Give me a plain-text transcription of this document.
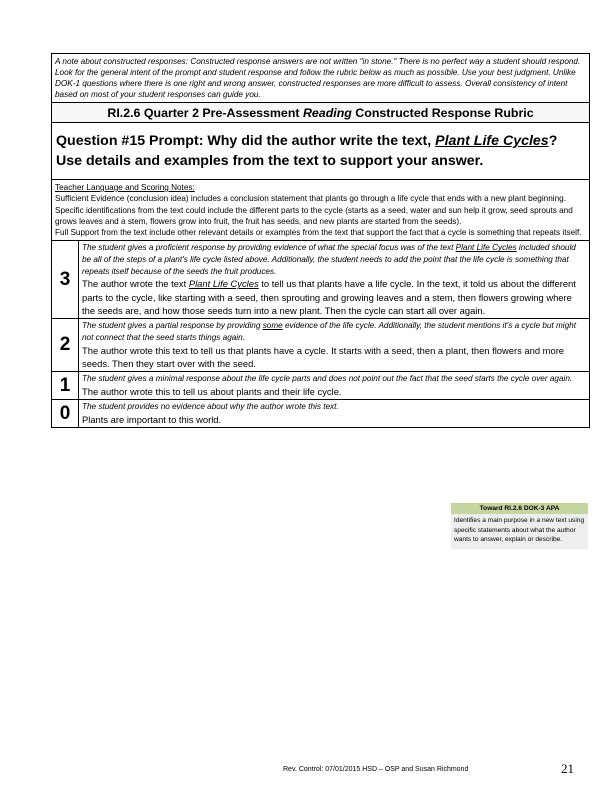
A note about constructed responses: Constructed response answers are not written "in stone." There is no perfect way a student should respond. Look for the general intent of the prompt and student response and follow the rubric below as much as possible. Use your best judgment. Unlike DOK-1 questions where there is one right and wrong answer, constructed responses are more difficult to assess. Overall consistency of intent based on most of your student responses can guide you.
RI.2.6 Quarter 2 Pre-Assessment Reading Constructed Response Rubric
Question #15 Prompt: Why did the author write the text, Plant Life Cycles? Use details and examples from the text to support your answer.
Teacher Language and Scoring Notes:
Sufficient Evidence (conclusion idea) includes a conclusion statement that plants go through a life cycle that ends with a new plant beginning.
Specific identifications from the text could include the different parts to the cycle (starts as a seed, water and sun help it grow, seed sprouts and grows leaves and a stem, flowers grow into fruit, the fruit has seeds, and new plants are started from the seeds).
Full Support from the text include other relevant details or examples from the text that support the fact that a cycle is something that repeats itself.
3
The student gives a proficient response by providing evidence of what the special focus was of the text Plant Life Cycles included should be all of the steps of a plant's life cycle listed above. Additionally, the student needs to add the point that the life cycle is something that repeats itself because of the seeds the fruit produces.
The author wrote the text Plant Life Cycles to tell us that plants have a life cycle. In the text, it told us about the different parts to the cycle, like starting with a seed, then sprouting and growing leaves and a stem, then flowers growing where the seeds are, and how those seeds turn into a new plant. Then the cycle can start all over again.
2
The student gives a partial response by providing some evidence of the life cycle. Additionally, the student mentions it's a cycle but might not connect that the seed starts things again.
The author wrote this text to tell us that plants have a cycle. It starts with a seed, then a plant, then flowers and more seeds. Then they start over with the seed.
1	The student gives a minimal response about the life cycle parts and does not point out the fact that the seed starts the cycle over again.
The author wrote this to tell us about plants and their life cycle.
0	The student provides no evidence about why the author wrote this text.
Plants are important to this world.
Toward RI.2.6 DOK-3 APA
Identifies a main purpose in a new text using specific statements about what the author wants to answer, explain or describe.
Rev. Control: 07/01/2015 HSD – OSP and Susan Richmond	21
